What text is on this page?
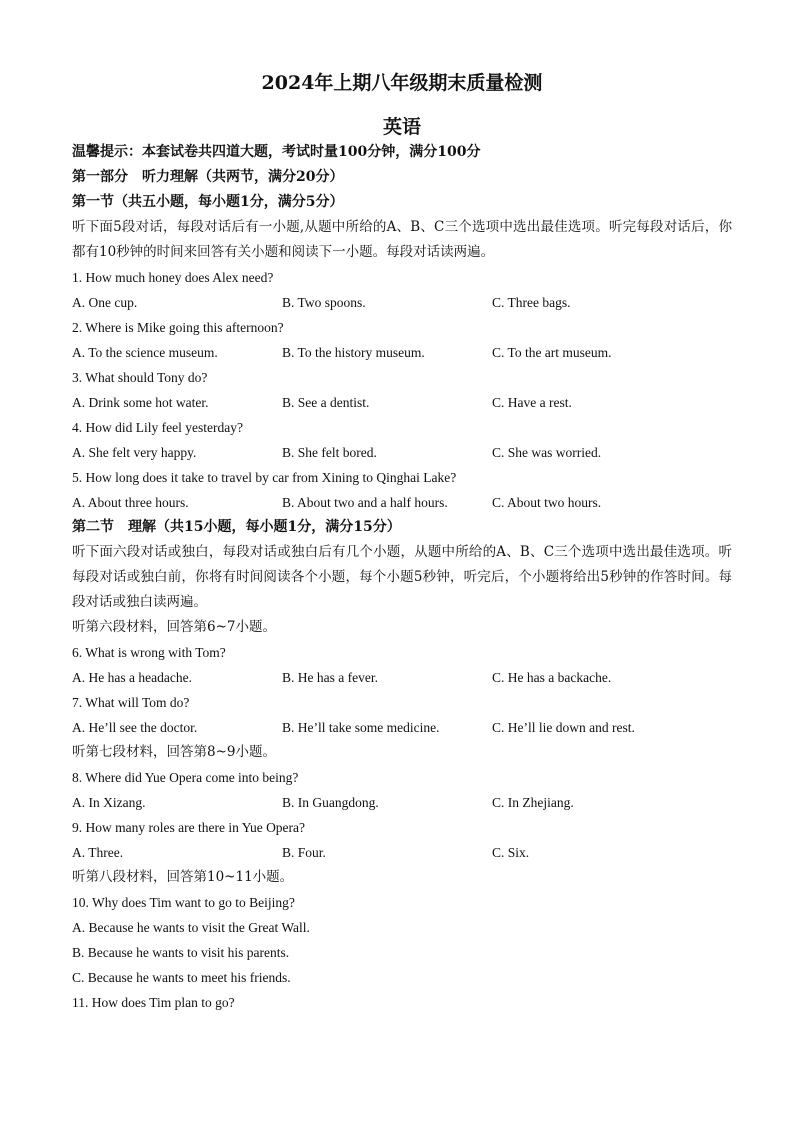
2024年上期八年级期末质量检测
英语
温馨提示：本套试卷共四道大题，考试时量100分钟，满分100分
第一部分　听力理解（共两节，满分20分）
第一节（共五小题，每小题1分，满分5分）
听下面5段对话，每段对话后有一小题,从题中所给的A、B、C三个选项中选出最佳选项。听完每段对话后，你都有10秒钟的时间来回答有关小题和阅读下一小题。每段对话读两遍。
1. How much honey does Alex need?
A. One cup.	B. Two spoons.	C. Three bags.
2. Where is Mike going this afternoon?
A. To the science museum.	B. To the history museum.	C. To the art museum.
3. What should Tony do?
A. Drink some hot water.	B. See a dentist.	C. Have a rest.
4. How did Lily feel yesterday?
A. She felt very happy.	B. She felt bored.	C. She was worried.
5. How long does it take to travel by car from Xining to Qinghai Lake?
A. About three hours.	B. About two and a half hours.	C. About two hours.
第二节　理解（共15小题，每小题1分，满分15分）
听下面六段对话或独白，每段对话或独白后有几个小题，从题中所给的A、B、C三个选项中选出最佳选项。听每段对话或独白前，你将有时间阅读各个小题，每个小题5秒钟，听完后，个小题将给出5秒钟的作答时间。每段对话或独白读两遍。
听第六段材料，回答第6~7小题。
6. What is wrong with Tom?
A. He has a headache.	B. He has a fever.	C. He has a backache.
7. What will Tom do?
A. He’ll see the doctor.	B. He’ll take some medicine.	C. He’ll lie down and rest.
听第七段材料，回答第8~9小题。
8. Where did Yue Opera come into being?
A. In Xizang.	B. In Guangdong.	C. In Zhejiang.
9. How many roles are there in Yue Opera?
A. Three.	B. Four.	C. Six.
听第八段材料，回答第10~11小题。
10. Why does Tim want to go to Beijing?
A. Because he wants to visit the Great Wall.
B. Because he wants to visit his parents.
C. Because he wants to meet his friends.
11. How does Tim plan to go?
